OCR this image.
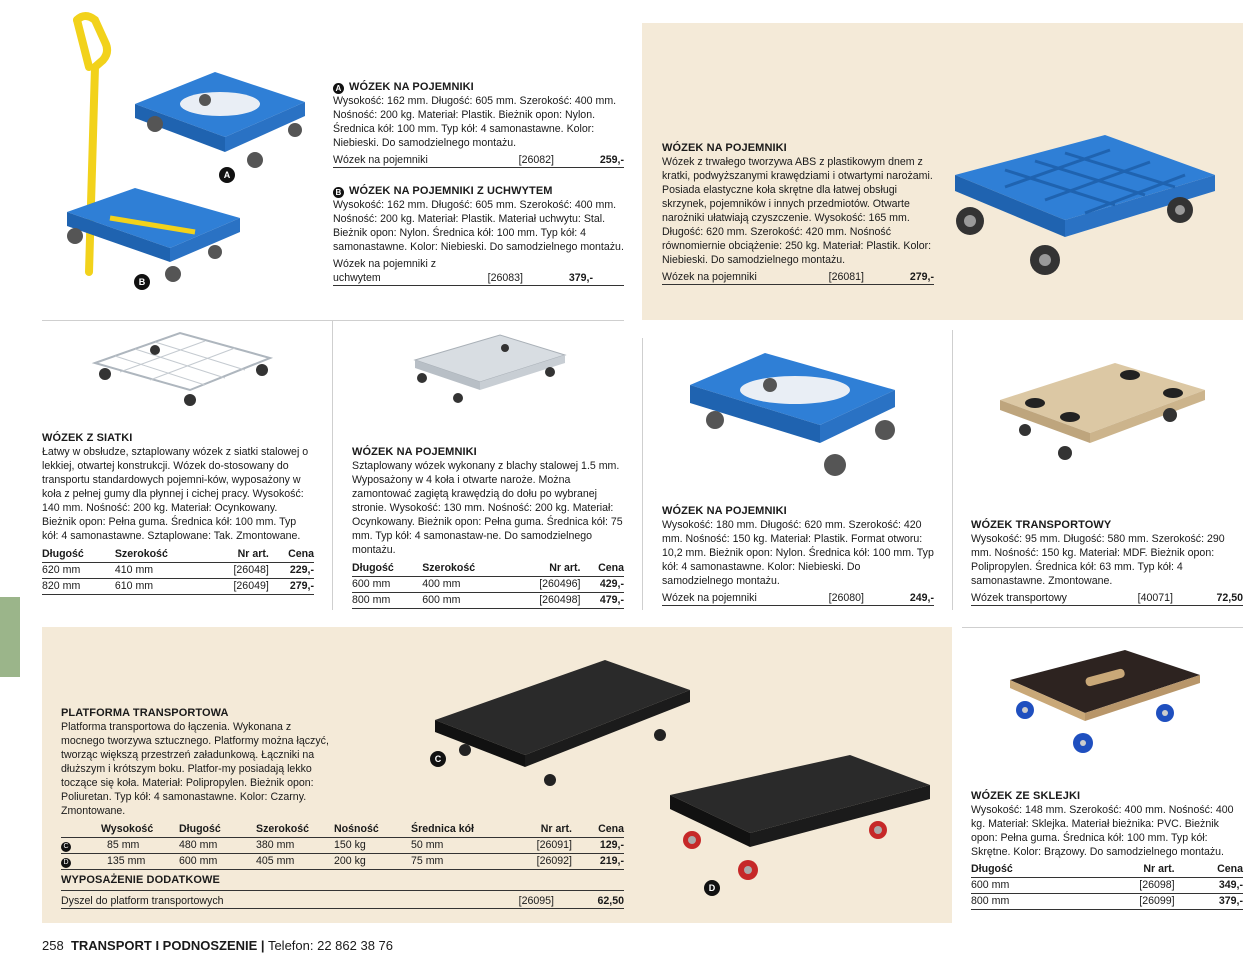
A
B
A WÓZEK NA POJEMNIKI

Wysokość: 162 mm. Długość: 605 mm. Szerokość: 400 mm. Nośność: 200 kg. Materiał: Plastik. Bieżnik opon: Nylon. Średnica kół: 100 mm. Typ kół: 4 samonastawne. Kolor: Niebieski. Do samodzielnego montażu.

Wózek na pojemniki	[26082]	259,-
B WÓZEK NA POJEMNIKI Z UCHWYTEM

Wysokość: 162 mm. Długość: 605 mm. Szerokość: 400 mm. Nośność: 200 kg. Materiał: Plastik. Materiał uchwytu: Stal. Bieżnik opon: Nylon. Średnica kół: 100 mm. Typ kół: 4 samonastawne. Kolor: Niebieski. Do samodzielnego montażu.

Wózek na pojemniki z uchwytem	[26083]	379,-
WÓZEK NA POJEMNIKI

Wózek z trwałego tworzywa ABS z plastikowym dnem z kratki, podwyższanymi krawędziami i otwartymi narożami. Posiada elastyczne koła skrętne dla łatwej obsługi skrzynek, pojemników i innych przedmiotów. Otwarte narożniki ułatwiają czyszczenie. Wysokość: 165 mm. Długość: 620 mm. Szerokość: 420 mm. Nośność równomiernie obciążenie: 250 kg. Materiał: Plastik. Kolor: Niebieski. Do samodzielnego montażu.

Wózek na pojemniki	[26081]	279,-
WÓZEK Z SIATKI

Łatwy w obsłudze, sztaplowany wózek z siatki stalowej o lekkiej, otwartej konstrukcji. Wózek do-stosowany do transportu standardowych pojemni-ków, wyposażony w koła z pełnej gumy dla płynnej i cichej pracy. Wysokość: 140 mm. Nośność: 200 kg. Materiał: Ocynkowany. Bieżnik opon: Pełna guma. Średnica kół: 100 mm. Typ kół: 4 samonastawne. Sztaplowane: Tak. Zmontowane.

Długość	Szerokość	Nr art.	Cena
620 mm	410 mm	[26048]	229,-
820 mm	610 mm	[26049]	279,-
WÓZEK NA POJEMNIKI

Sztaplowany wózek wykonany z blachy stalowej 1.5 mm. Wyposażony w 4 koła i otwarte naroże. Można zamontować zagiętą krawędzią do dołu po wybranej stronie. Wysokość: 130 mm. Nośność: 200 kg. Materiał: Ocynkowany. Bieżnik opon: Pełna guma. Średnica kół: 75 mm. Typ kół: 4 samonastaw-ne. Do samodzielnego montażu.

Długość	Szerokość	Nr art.	Cena
600 mm	400 mm	[260496]	429,-
800 mm	600 mm	[260498]	479,-
WÓZEK NA POJEMNIKI

Wysokość: 180 mm. Długość: 620 mm. Szerokość: 420 mm. Nośność: 150 kg. Materiał: Plastik. Format otworu: 10,2 mm. Bieżnik opon: Nylon. Średnica kół: 100 mm. Typ kół: 4 samonastawne. Kolor: Niebieski. Do samodzielnego montażu.

Wózek na pojemniki	[26080]	249,-
WÓZEK TRANSPORTOWY

Wysokość: 95 mm. Długość: 580 mm. Szerokość: 290 mm. Nośność: 150 kg. Materiał: MDF. Bieżnik opon: Polipropylen. Średnica kół: 63 mm. Typ kół: 4 samonastawne. Zmontowane.

Wózek transportowy	[40071]	72,50
C
D
PLATFORMA TRANSPORTOWA

Platforma transportowa do łączenia. Wykonana z mocnego tworzywa sztucznego. Platformy można łączyć, tworząc większą przestrzeń załadunkową. Łączniki na dłuższym i krótszym boku. Platfor-my posiadają lekko toczące się koła. Materiał: Polipropylen. Bieżnik opon: Poliuretan. Typ kół: 4 samonastawne. Kolor: Czarny. Zmontowane.

	Wysokość	Długość	Szerokość	Nośność	Średnica kół	Nr art.	Cena
C	85 mm	480 mm	380 mm	150 kg	50 mm	[26091]	129,-
D	135 mm	600 mm	405 mm	200 kg	75 mm	[26092]	219,-
WYPOSAŻENIE DODATKOWE
Dyszel do platform transportowych	[26095]	62,50
WÓZEK ZE SKLEJKI

Wysokość: 148 mm. Szerokość: 400 mm. Nośność: 400 kg. Materiał: Sklejka. Materiał bieżnika: PVC. Bieżnik opon: Pełna guma. Średnica kół: 100 mm. Typ kół: Skrętne. Kolor: Brązowy. Do samodzielnego montażu.

Długość	Nr art.	Cena
600 mm	[26098]	349,-
800 mm	[26099]	379,-
258 TRANSPORT I PODNOSZENIE | Telefon: 22 862 38 76
